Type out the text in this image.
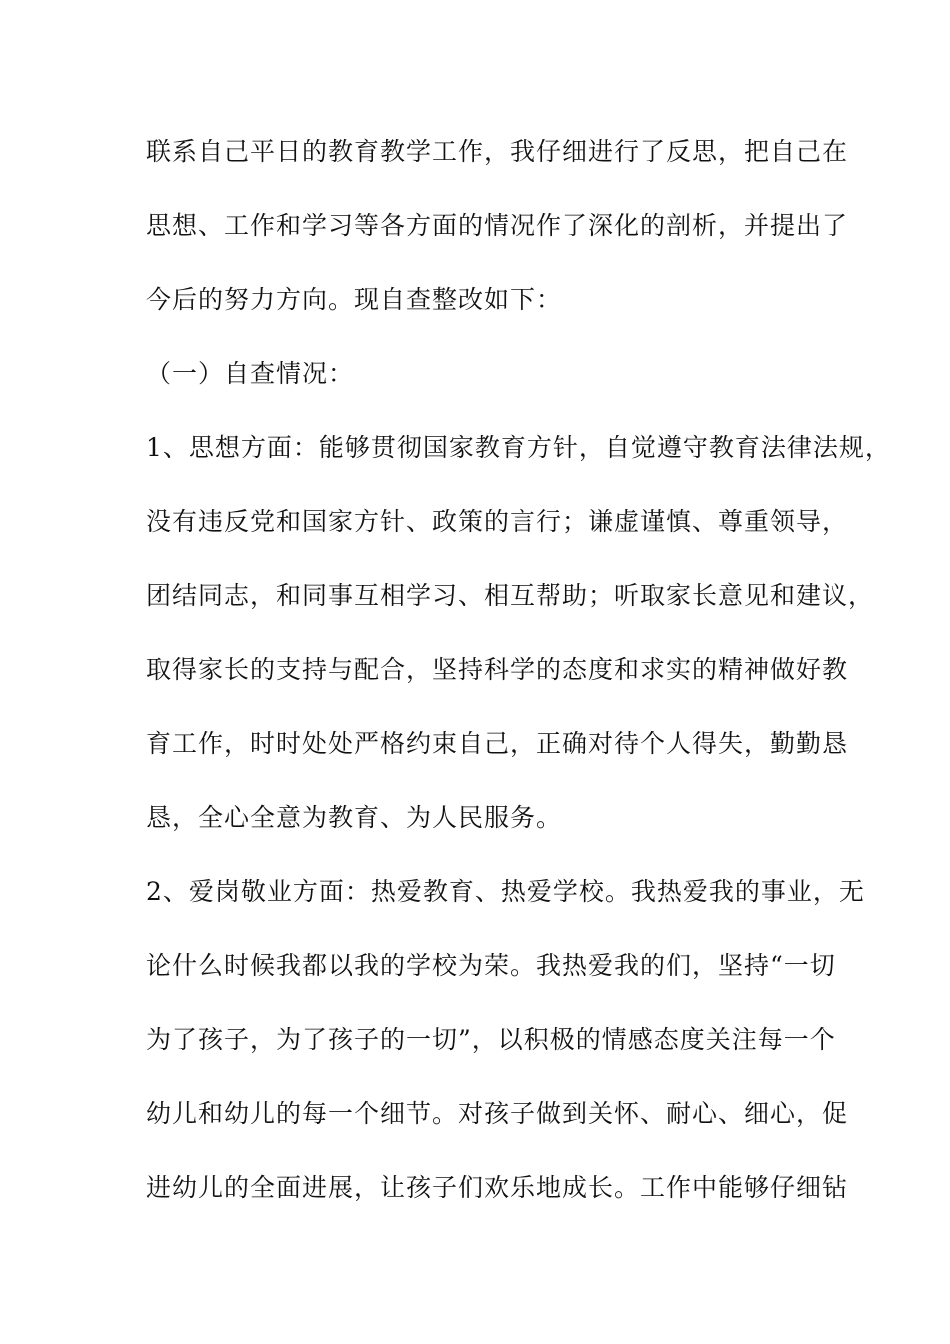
联系自己平日的教育教学工作，我仔细进行了反思，把自己在
思想、工作和学习等各方面的情况作了深化的剖析，并提出了
今后的努力方向。现自查整改如下：
（一）自查情况：
1、思想方面：能够贯彻国家教育方针，自觉遵守教育法律法规，
没有违反党和国家方针、政策的言行；谦虚谨慎、尊重领导，
团结同志，和同事互相学习、相互帮助；听取家长意见和建议，
取得家长的支持与配合，坚持科学的态度和求实的精神做好教
育工作，时时处处严格约束自己，正确对待个人得失，勤勤恳
恳，全心全意为教育、为人民服务。
2、爱岗敬业方面：热爱教育、热爱学校。我热爱我的事业，无
论什么时候我都以我的学校为荣。我热爱我的们，坚持“一切
为了孩子，为了孩子的一切”，以积极的情感态度关注每一个
幼儿和幼儿的每一个细节。对孩子做到关怀、耐心、细心，促
进幼儿的全面进展，让孩子们欢乐地成长。工作中能够仔细钻
